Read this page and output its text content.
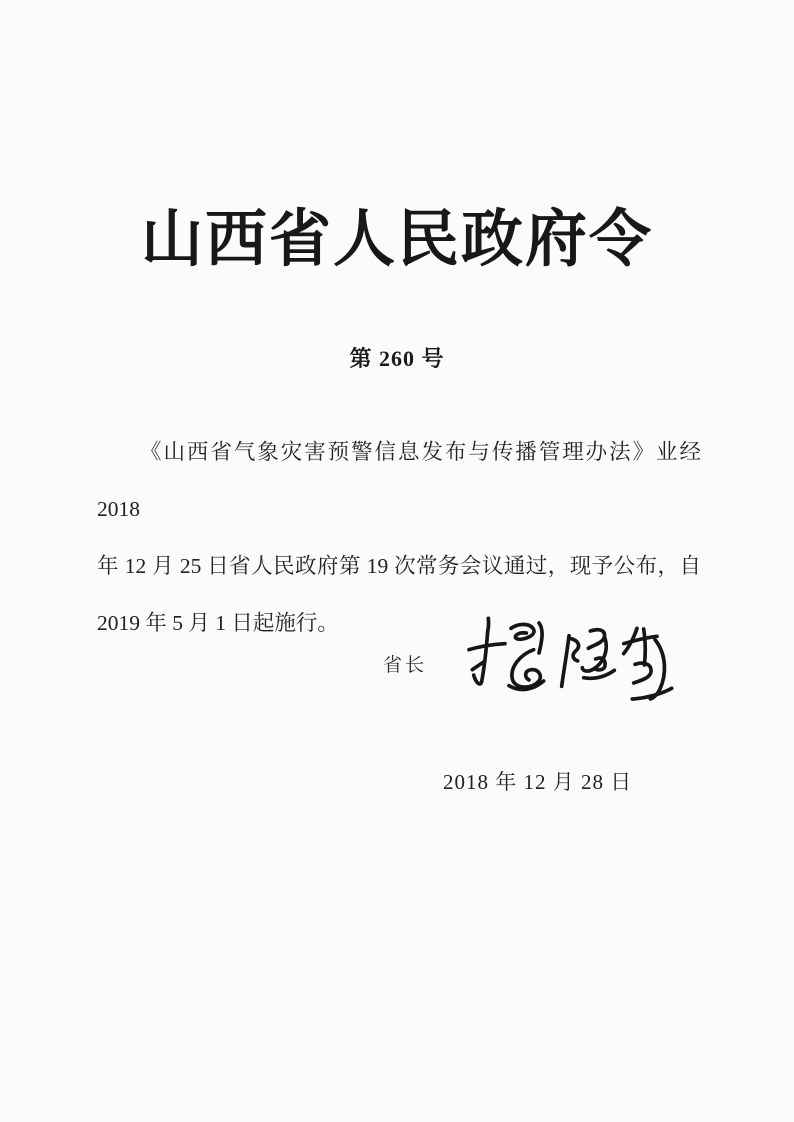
山西省人民政府令
第 260 号
《山西省气象灾害预警信息发布与传播管理办法》业经 2018
年 12 月 25 日省人民政府第 19 次常务会议通过，现予公布，自
2019 年 5 月 1 日起施行。
省长
2018 年 12 月 28 日
